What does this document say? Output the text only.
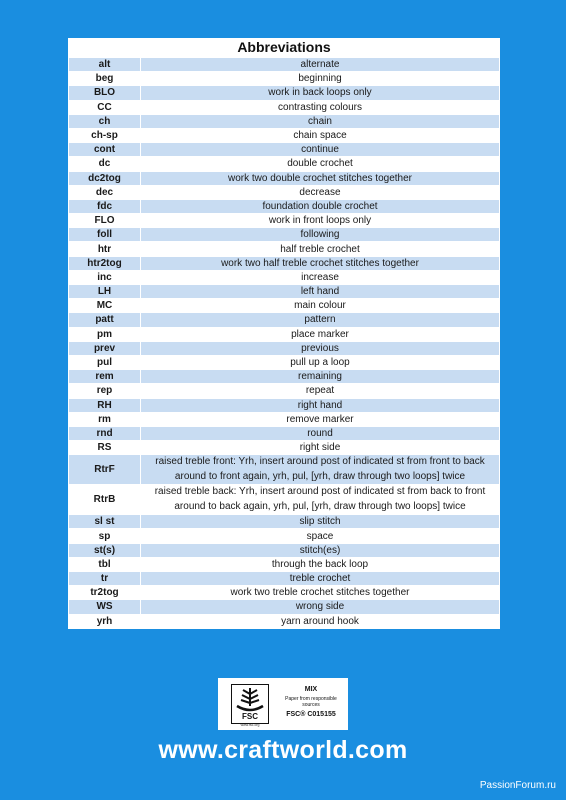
Abbreviations
alt	alternate
beg	beginning
BLO	work in back loops only
CC	contrasting colours
ch	chain
ch-sp	chain space
cont	continue
dc	double crochet
dc2tog	work two double crochet stitches together
dec	decrease
fdc	foundation double crochet
FLO	work in front loops only
foll	following
htr	half treble crochet
htr2tog	work two half treble crochet stitches together
inc	increase
LH	left hand
MC	main colour
patt	pattern
pm	place marker
prev	previous
pul	pull up a loop
rem	remaining
rep	repeat
RH	right hand
rm	remove marker
rnd	round
RS	right side
RtrF	raised treble front: Yrh, insert around post of indicated st from front to back around to front again, yrh, pul, [yrh, draw through two loops] twice
RtrB	raised treble back: Yrh, insert around post of indicated st from back to front around to back again, yrh, pul, [yrh, draw through two loops] twice
sl st	slip stitch
sp	space
st(s)	stitch(es)
tbl	through the back loop
tr	treble crochet
tr2tog	work two treble crochet stitches together
WS	wrong side
yrh	yarn around hook
FSC
www.fsc.org
MIX
Paper from responsible sources
FSC® C015155
www.craftworld.com
PassionForum.ru
